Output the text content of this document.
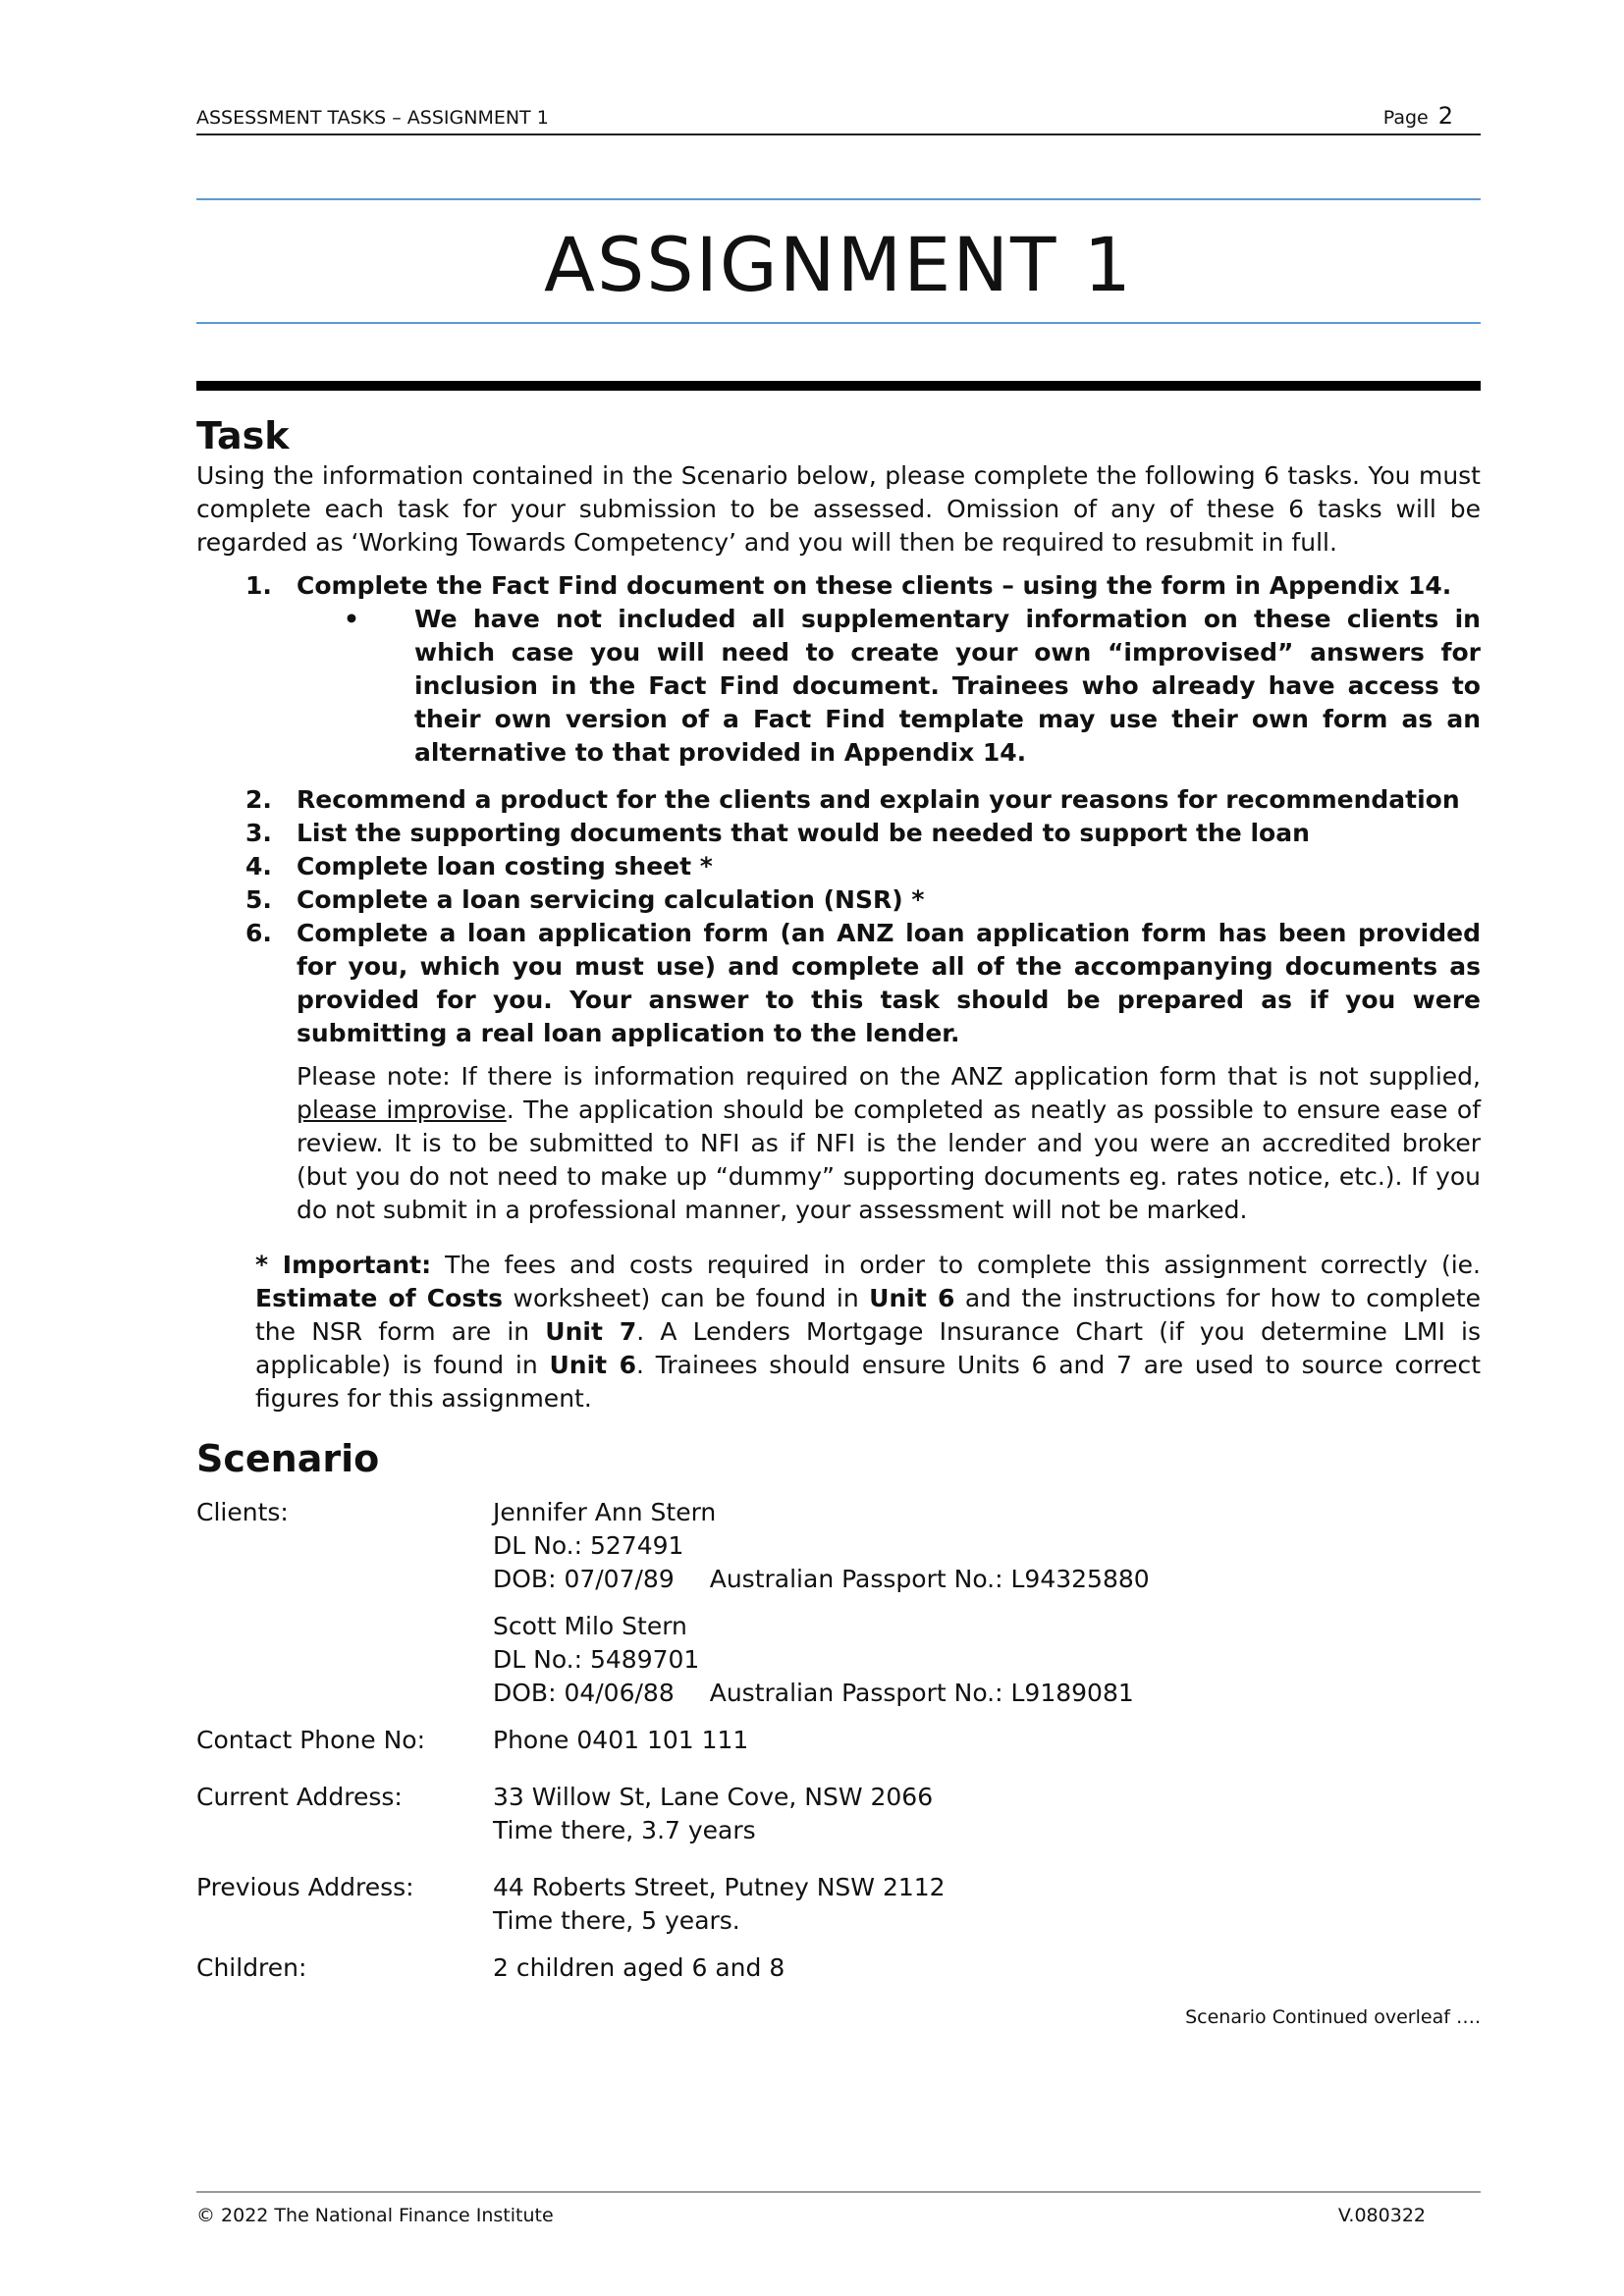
ASSESSMENT TASKS – ASSIGNMENT 1	Page 2
ASSIGNMENT 1
Task

Using the information contained in the Scenario below, please complete the following 6 tasks. You must complete each task for your submission to be assessed. Omission of any of these 6 tasks will be regarded as ‘Working Towards Competency’ and you will then be required to resubmit in full.

1.	Complete the Fact Find document on these clients – using the form in Appendix 14.
• We have not included all supplementary information on these clients in which case you will need to create your own “improvised” answers for inclusion in the Fact Find document. Trainees who already have access to their own version of a Fact Find template may use their own form as an alternative to that provided in Appendix 14.
2.	Recommend a product for the clients and explain your reasons for recommendation
3.	List the supporting documents that would be needed to support the loan
4.	Complete loan costing sheet *
5.	Complete a loan servicing calculation (NSR) *
6.	Complete a loan application form (an ANZ loan application form has been provided for you, which you must use) and complete all of the accompanying documents as provided for you. Your answer to this task should be prepared as if you were submitting a real loan application to the lender.

Please note: If there is information required on the ANZ application form that is not supplied, please improvise. The application should be completed as neatly as possible to ensure ease of review. It is to be submitted to NFI as if NFI is the lender and you were an accredited broker (but you do not need to make up “dummy” supporting documents eg. rates notice, etc.). If you do not submit in a professional manner, your assessment will not be marked.

* Important: The fees and costs required in order to complete this assignment correctly (ie. Estimate of Costs worksheet) can be found in Unit 6 and the instructions for how to complete the NSR form are in Unit 7. A Lenders Mortgage Insurance Chart (if you determine LMI is applicable) is found in Unit 6. Trainees should ensure Units 6 and 7 are used to source correct figures for this assignment.

Scenario
Clients:	Jennifer Ann Stern
DL No.: 527491
DOB: 07/07/89 Australian Passport No.: L94325880
Scott Milo Stern
DL No.: 5489701
DOB: 04/06/88 Australian Passport No.: L9189081
Contact Phone No:	Phone 0401 101 111
Current Address:	33 Willow St, Lane Cove, NSW 2066
Time there, 3.7 years
Previous Address:	44 Roberts Street, Putney NSW 2112
Time there, 5 years.
Children:	2 children aged 6 and 8
Scenario Continued overleaf ….
© 2022 The National Finance Institute	V.080322
